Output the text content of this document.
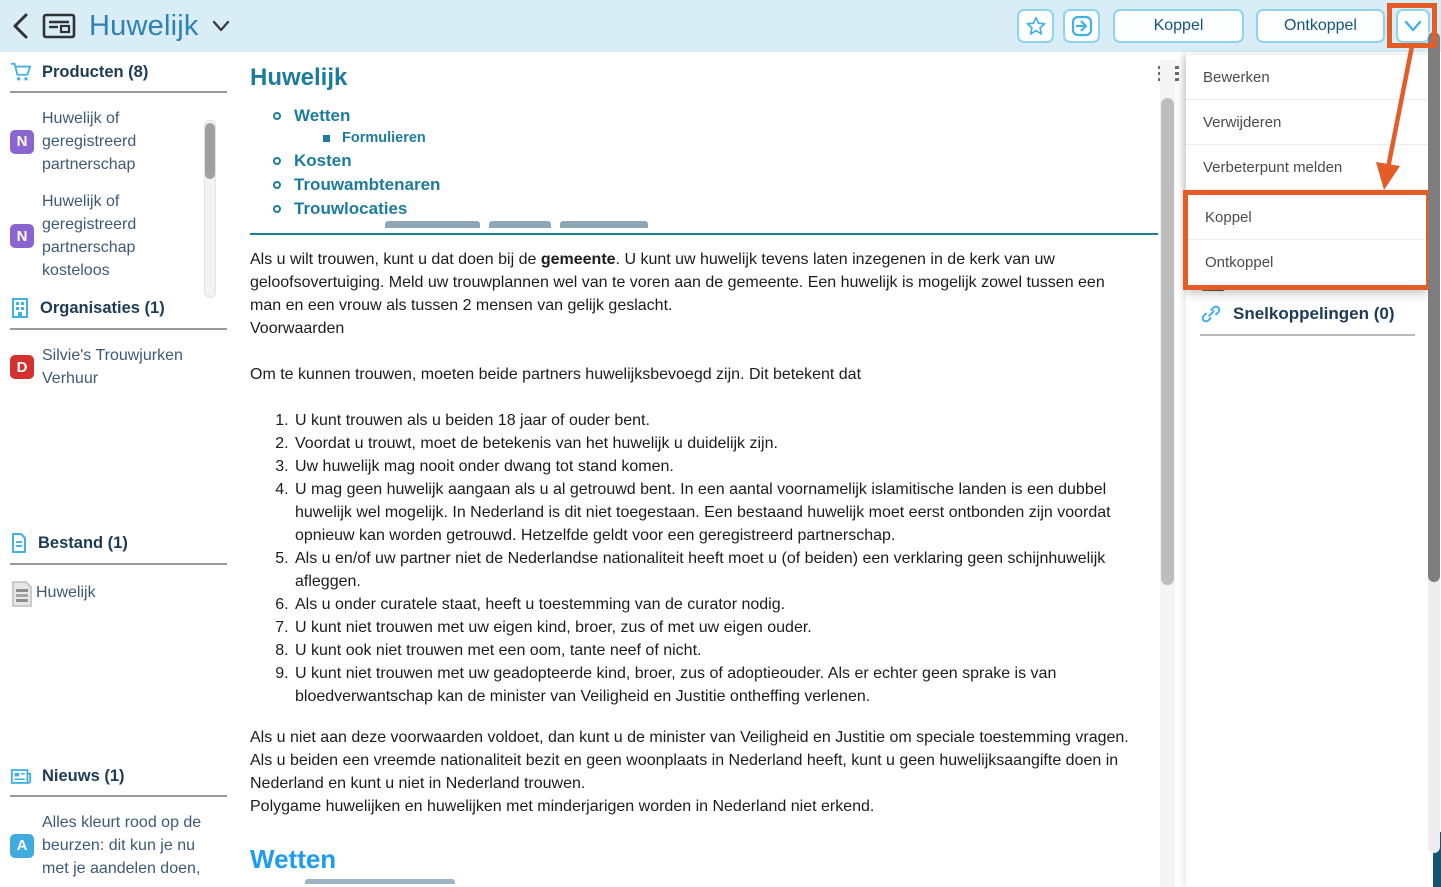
Huwelijk	Koppel	Ontkoppel
Producten (8)
N
Huwelijk of geregistreerd partnerschap
N
Huwelijk of geregistreerd partnerschap kosteloos
Organisaties (1)
D
Silvie's Trouwjurken Verhuur
Bestand (1)
Huwelijk
Nieuws (1)
A
Alles kleurt rood op de beurzen: dit kun je nu met je aandelen doen,
Huwelijk
Wetten
Formulieren
Kosten
Trouwambtenaren
Trouwlocaties
Als u wilt trouwen, kunt u dat doen bij de gemeente. U kunt uw huwelijk tevens laten inzegenen in de kerk van uw geloofsovertuiging. Meld uw trouwplannen wel van te voren aan de gemeente. Een huwelijk is mogelijk zowel tussen een man en een vrouw als tussen 2 mensen van gelijk geslacht.
Voorwaarden
Om te kunnen trouwen, moeten beide partners huwelijksbevoegd zijn. Dit betekent dat
1. U kunt trouwen als u beiden 18 jaar of ouder bent.
2. Voordat u trouwt, moet de betekenis van het huwelijk u duidelijk zijn.
3. Uw huwelijk mag nooit onder dwang tot stand komen.
4. U mag geen huwelijk aangaan als u al getrouwd bent. In een aantal voornamelijk islamitische landen is een dubbel huwelijk wel mogelijk. In Nederland is dit niet toegestaan. Een bestaand huwelijk moet eerst ontbonden zijn voordat opnieuw kan worden getrouwd. Hetzelfde geldt voor een geregistreerd partnerschap.
5. Als u en/of uw partner niet de Nederlandse nationaliteit heeft moet u (of beiden) een verklaring geen schijnhuwelijk afleggen.
6. Als u onder curatele staat, heeft u toestemming van de curator nodig.
7. U kunt niet trouwen met uw eigen kind, broer, zus of met uw eigen ouder.
8. U kunt ook niet trouwen met een oom, tante neef of nicht.
9. U kunt niet trouwen met uw geadopteerde kind, broer, zus of adoptieouder. Als er echter geen sprake is van bloedverwantschap kan de minister van Veiligheid en Justitie ontheffing verlenen.

Als u niet aan deze voorwaarden voldoet, dan kunt u de minister van Veiligheid en Justitie om speciale toestemming vragen.

Als u beiden een vreemde nationaliteit bezit en geen woonplaats in Nederland heeft, kunt u geen huwelijksaangifte doen in Nederland en kunt u niet in Nederland trouwen.

Polygame huwelijken en huwelijken met minderjarigen worden in Nederland niet erkend.

Wetten
Snelkoppelingen (0)
Bewerken
Verwijderen
Verbeterpunt melden
Koppel
Ontkoppel
